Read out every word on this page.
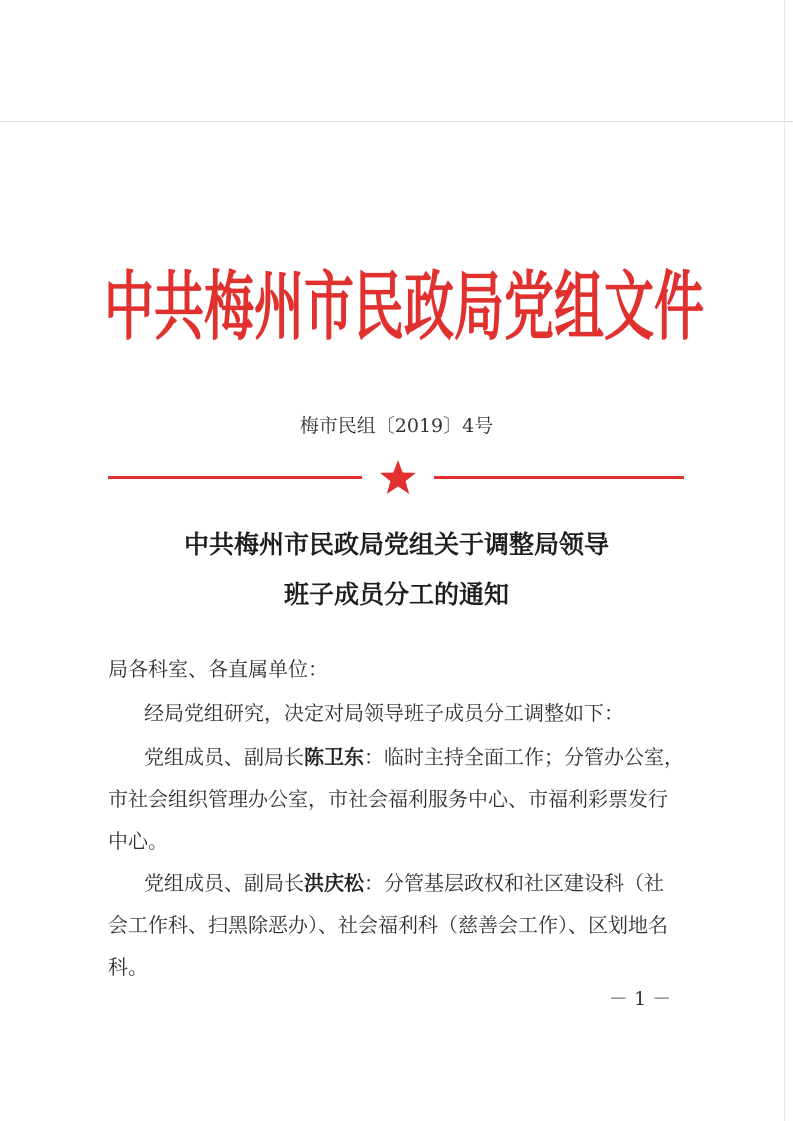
中共梅州市民政局党组文件
梅市民组〔2019〕4号
中共梅州市民政局党组关于调整局领导
班子成员分工的通知
局各科室、各直属单位：
经局党组研究，决定对局领导班子成员分工调整如下：
党组成员、副局长陈卫东：临时主持全面工作；分管办公室，
市社会组织管理办公室，市社会福利服务中心、市福利彩票发行
中心。
党组成员、副局长洪庆松：分管基层政权和社区建设科（社
会工作科、扫黑除恶办）、社会福利科（慈善会工作）、区划地名
科。
－ 1 －
